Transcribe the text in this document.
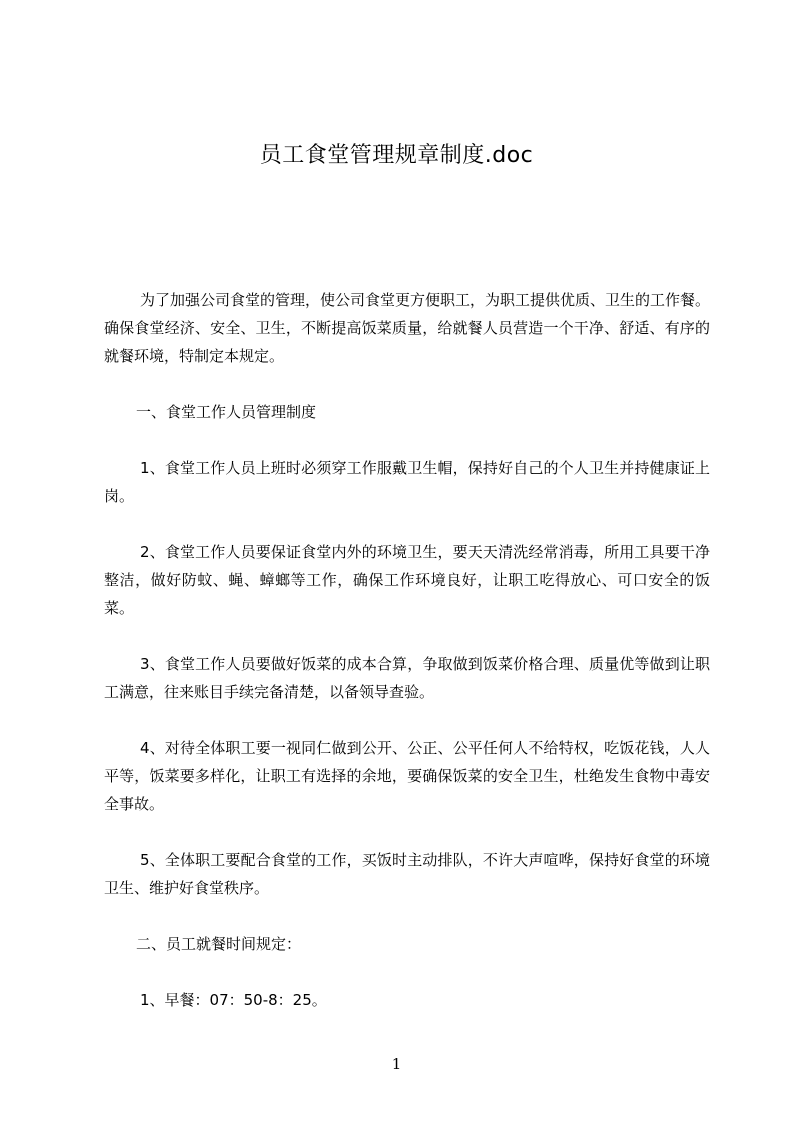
员工食堂管理规章制度.doc

为了加强公司食堂的管理，使公司食堂更方便职工，为职工提供优质、卫生的工作餐。确保食堂经济、安全、卫生，不断提高饭菜质量，给就餐人员营造一个干净、舒适、有序的就餐环境，特制定本规定。

一、食堂工作人员管理制度

1、食堂工作人员上班时必须穿工作服戴卫生帽，保持好自己的个人卫生并持健康证上岗。

2、食堂工作人员要保证食堂内外的环境卫生，要天天清洗经常消毒，所用工具要干净整洁，做好防蚊、蝇、蟑螂等工作，确保工作环境良好，让职工吃得放心、可口安全的饭菜。

3、食堂工作人员要做好饭菜的成本合算，争取做到饭菜价格合理、质量优等做到让职工满意，往来账目手续完备清楚，以备领导查验。

4、对待全体职工要一视同仁做到公开、公正、公平任何人不给特权，吃饭花钱，人人平等，饭菜要多样化，让职工有选择的余地，要确保饭菜的安全卫生，杜绝发生食物中毒安全事故。

5、全体职工要配合食堂的工作，买饭时主动排队，不许大声喧哗，保持好食堂的环境卫生、维护好食堂秩序。

二、员工就餐时间规定：

1、早餐：07：50-8：25。

1
